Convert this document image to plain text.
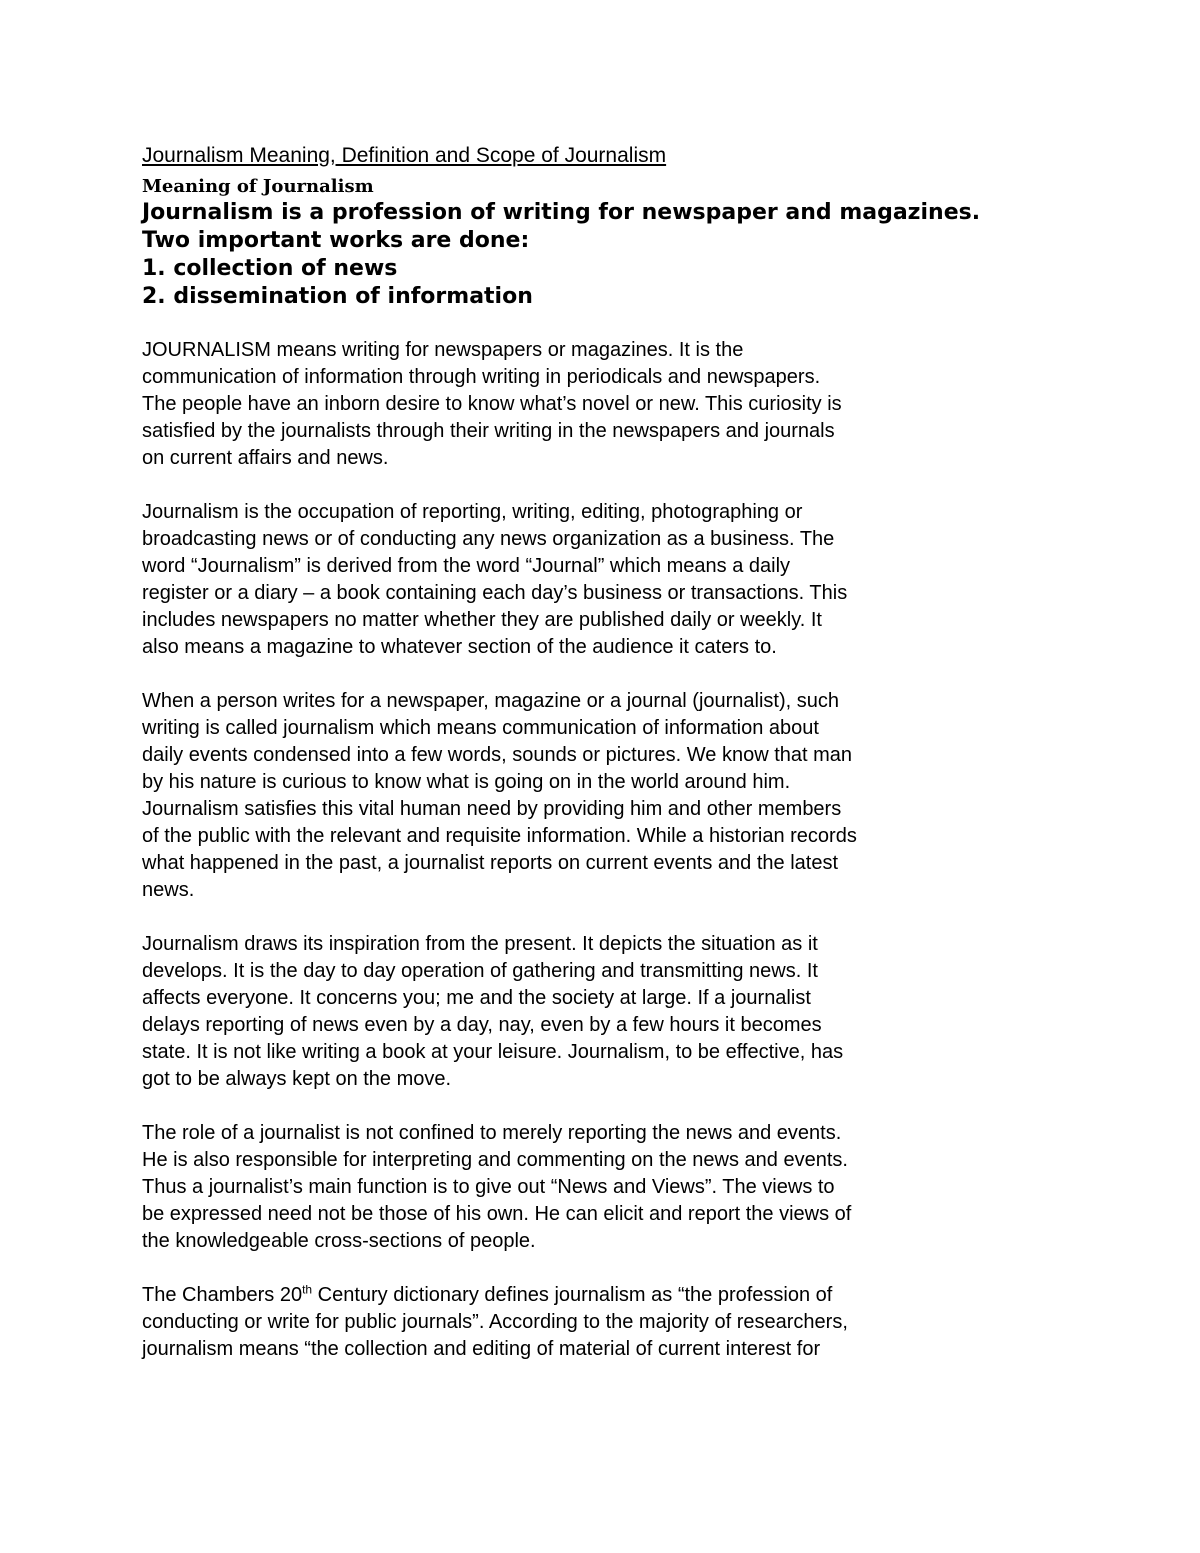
Journalism Meaning, Definition and Scope of Journalism
Meaning of Journalism
Journalism is a profession of writing for newspaper and magazines.
Two important works are done:
1. collection of news
2. dissemination of information

JOURNALISM means writing for newspapers or magazines. It is the
communication of information through writing in periodicals and newspapers.
The people have an inborn desire to know what’s novel or new. This curiosity is
satisfied by the journalists through their writing in the newspapers and journals
on current affairs and news.

Journalism is the occupation of reporting, writing, editing, photographing or
broadcasting news or of conducting any news organization as a business. The
word “Journalism” is derived from the word “Journal” which means a daily
register or a diary – a book containing each day’s business or transactions. This
includes newspapers no matter whether they are published daily or weekly. It
also means a magazine to whatever section of the audience it caters to.

When a person writes for a newspaper, magazine or a journal (journalist), such
writing is called journalism which means communication of information about
daily events condensed into a few words, sounds or pictures. We know that man
by his nature is curious to know what is going on in the world around him.
Journalism satisfies this vital human need by providing him and other members
of the public with the relevant and requisite information. While a historian records
what happened in the past, a journalist reports on current events and the latest
news.

Journalism draws its inspiration from the present. It depicts the situation as it
develops. It is the day to day operation of gathering and transmitting news. It
affects everyone. It concerns you; me and the society at large. If a journalist
delays reporting of news even by a day, nay, even by a few hours it becomes
state. It is not like writing a book at your leisure. Journalism, to be effective, has
got to be always kept on the move.

The role of a journalist is not confined to merely reporting the news and events.
He is also responsible for interpreting and commenting on the news and events.
Thus a journalist’s main function is to give out “News and Views”. The views to
be expressed need not be those of his own. He can elicit and report the views of
the knowledgeable cross-sections of people.

The Chambers 20th Century dictionary defines journalism as “the profession of
conducting or write for public journals”. According to the majority of researchers,
journalism means “the collection and editing of material of current interest for
